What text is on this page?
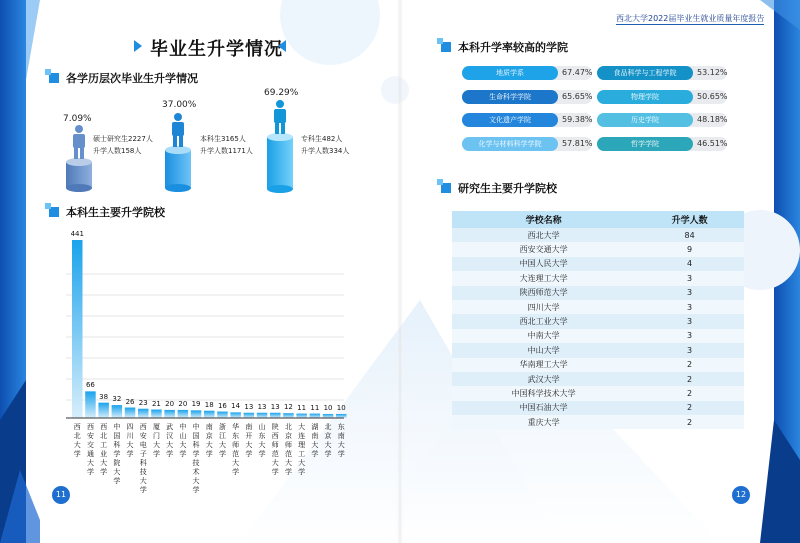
西北大学2022届毕业生就业质量年度报告
毕业生升学情况
各学历层次毕业生升学情况
7.09%
硕士研究生2227人
升学人数158人
37.00%
本科生3165人
升学人数1171人
69.29%
专科生482人
升学人数334人
本科生主要升学院校
西北大学
西安交通大学
西北工业大学
中国科学院大学
四川大学
西安电子科技大学
厦门大学
武汉大学
中山大学
中国科学技术大学
南京大学
浙江大学
华东师范大学
南开大学
山东大学
陕西师范大学
北京师范大学
大连理工大学
湖南大学
北京大学
东南大学
441
66
38 32 26 23 21 20 20 19 18 16 14 13 13 13 12 11 11 10 10
11
本科升学率较高的学院
地质学系	67.47%	食品科学与工程学院	53.12%
生命科学学院	65.65%	物理学院	50.65%
文化遗产学院	59.38%	历史学院	48.18%
化学与材料科学学院	57.81%	哲学学院	46.51%
研究生主要升学院校
学校名称	升学人数
西北大学	84
西安交通大学	9
中国人民大学	4
大连理工大学	3
陕西师范大学	3
四川大学	3
西北工业大学	3
中南大学	3
中山大学	3
华南理工大学	2
武汉大学	2
中国科学技术大学	2
中国石油大学	2
重庆大学	2
12
